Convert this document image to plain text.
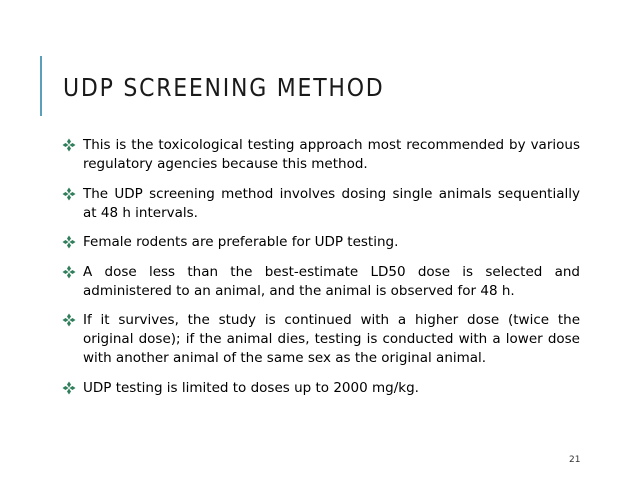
UDP SCREENING METHOD
This is the toxicological testing approach most recommended by various regulatory agencies because this method.
The UDP screening method involves dosing single animals sequentially at 48 h intervals.
Female rodents are preferable for UDP testing.
A dose less than the best-estimate LD50 dose is selected and administered to an animal, and the animal is observed for 48 h.
If it survives, the study is continued with a higher dose (twice the original dose); if the animal dies, testing is conducted with a lower dose with another animal of the same sex as the original animal.
UDP testing is limited to doses up to 2000 mg/kg.
21
